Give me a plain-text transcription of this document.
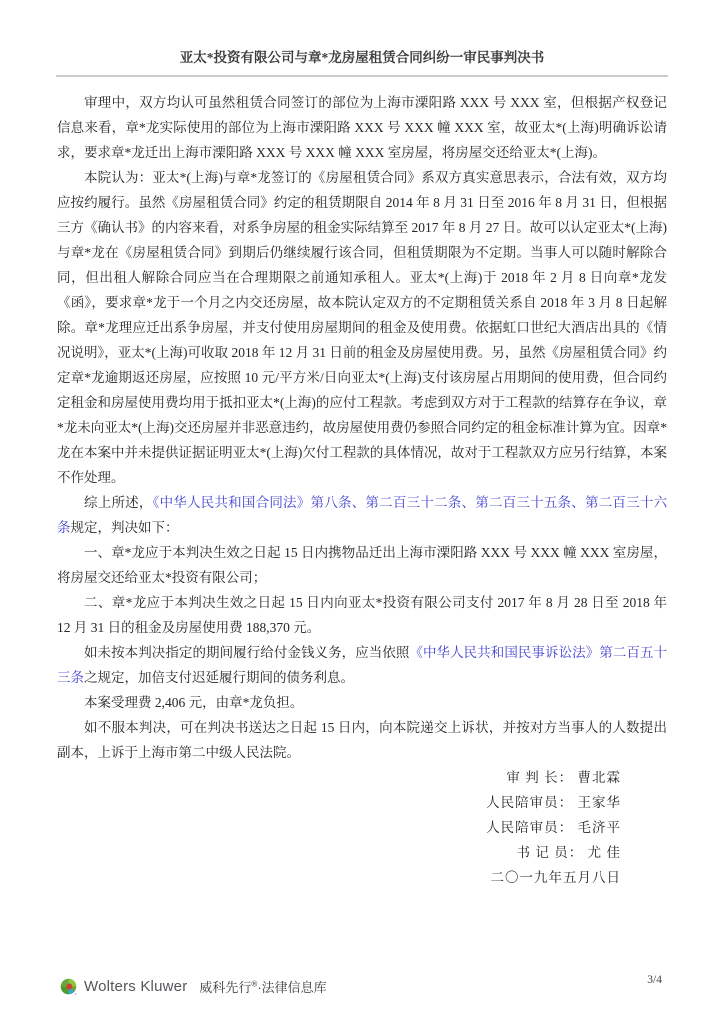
亚太*投资有限公司与章*龙房屋租赁合同纠纷一审民事判决书

审理中，双方均认可虽然租赁合同签订的部位为上海市溧阳路 XXX 号 XXX 室，但根据产权登记信息来看，章*龙实际使用的部位为上海市溧阳路 XXX 号 XXX 幢 XXX 室，故亚太*(上海)明确诉讼请求，要求章*龙迁出上海市溧阳路 XXX 号 XXX 幢 XXX 室房屋，将房屋交还给亚太*(上海)。

本院认为：亚太*(上海)与章*龙签订的《房屋租赁合同》系双方真实意思表示，合法有效，双方均应按约履行。虽然《房屋租赁合同》约定的租赁期限自 2014 年 8 月 31 日至 2016 年 8 月 31 日，但根据三方《确认书》的内容来看，对系争房屋的租金实际结算至 2017 年 8 月 27 日。故可以认定亚太*(上海)与章*龙在《房屋租赁合同》到期后仍继续履行该合同，但租赁期限为不定期。当事人可以随时解除合同，但出租人解除合同应当在合理期限之前通知承租人。亚太*(上海)于 2018 年 2 月 8 日向章*龙发《函》，要求章*龙于一个月之内交还房屋，故本院认定双方的不定期租赁关系自 2018 年 3 月 8 日起解除。章*龙理应迁出系争房屋，并支付使用房屋期间的租金及使用费。依据虹口世纪大酒店出具的《情况说明》，亚太*(上海)可收取 2018 年 12 月 31 日前的租金及房屋使用费。另，虽然《房屋租赁合同》约定章*龙逾期返还房屋，应按照 10 元/平方米/日向亚太*(上海)支付该房屋占用期间的使用费，但合同约定租金和房屋使用费均用于抵扣亚太*(上海)的应付工程款。考虑到双方对于工程款的结算存在争议，章*龙未向亚太*(上海)交还房屋并非恶意违约，故房屋使用费仍参照合同约定的租金标准计算为宜。因章*龙在本案中并未提供证据证明亚太*(上海)欠付工程款的具体情况，故对于工程款双方应另行结算，本案不作处理。

综上所述，《中华人民共和国合同法》第八条、第二百三十二条、第二百三十五条、第二百三十六条规定，判决如下：

一、章*龙应于本判决生效之日起 15 日内携物品迁出上海市溧阳路 XXX 号 XXX 幢 XXX 室房屋，将房屋交还给亚太*投资有限公司；

二、章*龙应于本判决生效之日起 15 日内向亚太*投资有限公司支付 2017 年 8 月 28 日至 2018 年 12 月 31 日的租金及房屋使用费 188,370 元。

如未按本判决指定的期间履行给付金钱义务，应当依照《中华人民共和国民事诉讼法》第二百五十三条之规定，加倍支付迟延履行期间的债务利息。

本案受理费 2,406 元，由章*龙负担。

如不服本判决，可在判决书送达之日起 15 日内，向本院递交上诉状，并按对方当事人的人数提出副本，上诉于上海市第二中级人民法院。

审 判 长： 曹北霖
人民陪审员： 王家华
人民陪审员： 毛济平
书 记 员： 尤 佳
二〇一九年五月八日
Wolters Kluwer 威科先行®·法律信息库	3/4
